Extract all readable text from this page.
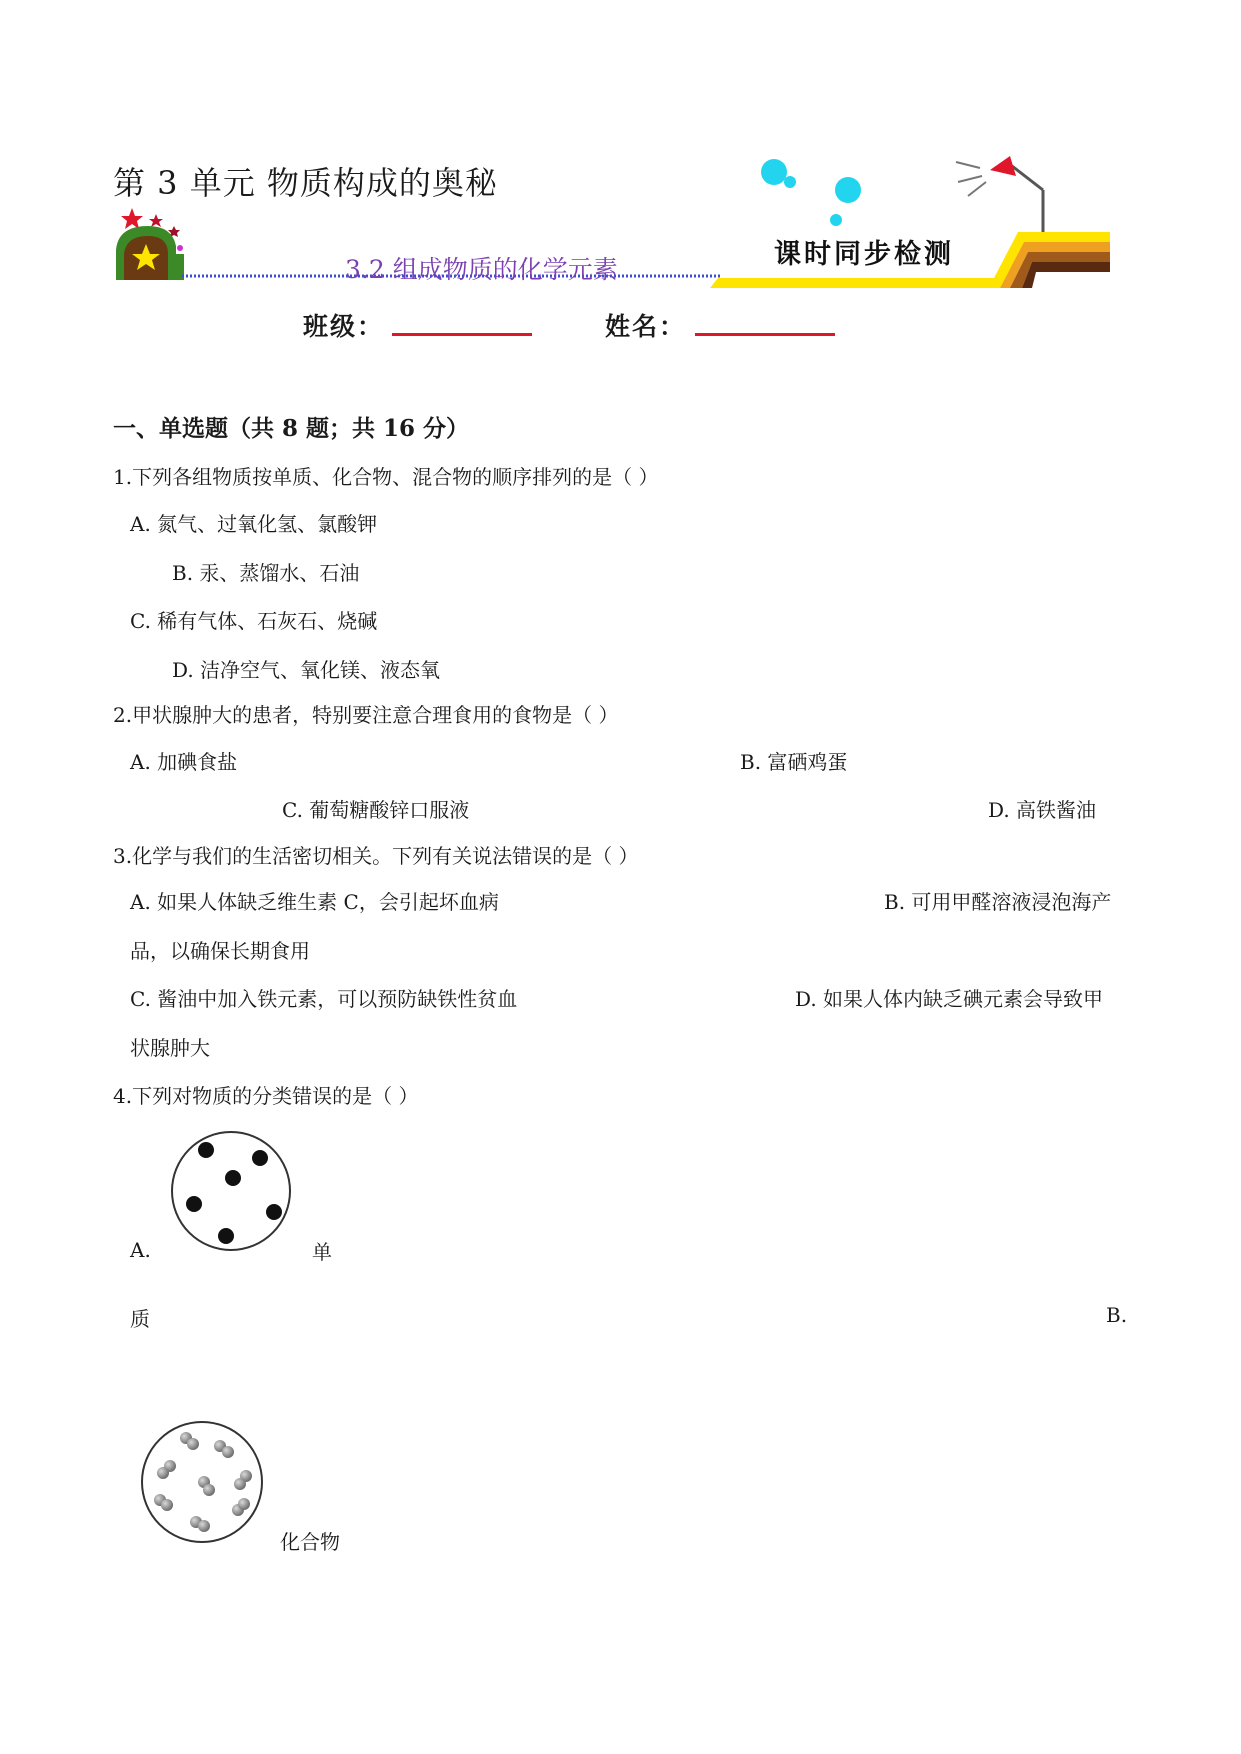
第 3 单元 物质构成的奥秘
3.2 组成物质的化学元素	课时同步检测
班级：	姓名：
一、单选题（共 8 题；共 16 分）
1.下列各组物质按单质、化合物、混合物的顺序排列的是（ ）
A. 氮气、过氧化氢、氯酸钾
B. 汞、蒸馏水、石油
C. 稀有气体、石灰石、烧碱
D. 洁净空气、氧化镁、液态氧
2.甲状腺肿大的患者，特别要注意合理食用的食物是（ ）
A. 加碘食盐	B. 富硒鸡蛋
C. 葡萄糖酸锌口服液	D. 高铁酱油
3.化学与我们的生活密切相关。下列有关说法错误的是（ ）
A. 如果人体缺乏维生素 C，会引起坏血病	B. 可用甲醛溶液浸泡海产
品，以确保长期食用
C. 酱油中加入铁元素，可以预防缺铁性贫血	D. 如果人体内缺乏碘元素会导致甲
状腺肿大
4.下列对物质的分类错误的是（ ）
A.	单
质	B.
化合物
